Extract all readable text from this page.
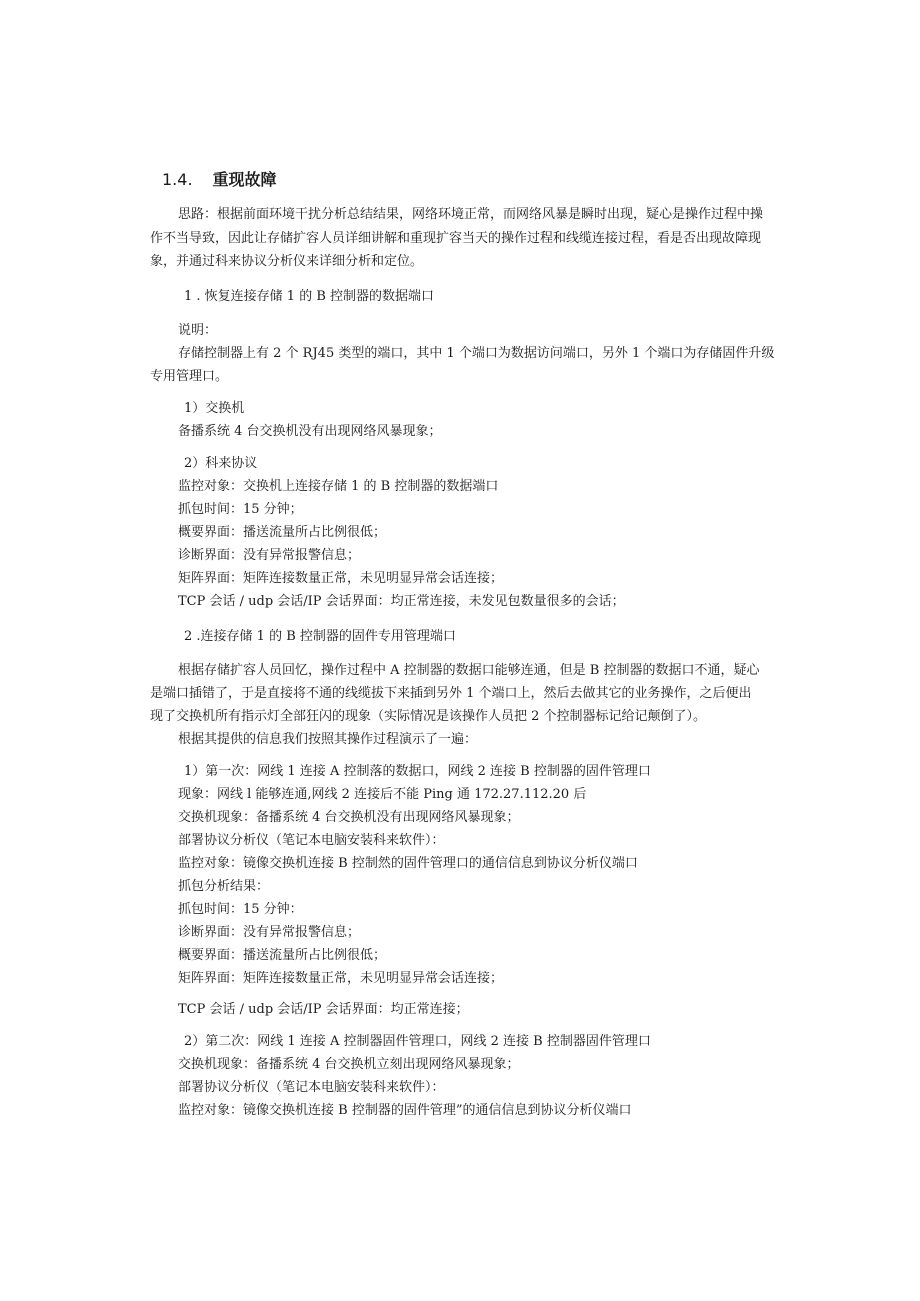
1.4. 重现故障
思路：根据前面环境干扰分析总结结果，网络环境正常，而网络风暴是瞬时出现，疑心是操作过程中操
作不当导致，因此让存储扩容人员详细讲解和重现扩容当天的操作过程和线缆连接过程，看是否出现故障现
象，并通过科来协议分析仪来详细分析和定位。
1 . 恢复连接存储 1 的 B 控制器的数据端口
说明：
存储控制器上有 2 个 RJ45 类型的端口，其中 1 个端口为数据访问端口，另外 1 个端口为存储固件升级
专用管理口。
1）交换机
备播系统 4 台交换机没有出现网络风暴现象；
2）科来协议
监控对象：交换机上连接存储 1 的 B 控制器的数据端口
抓包时间：15 分钟；
概要界面：播送流量所占比例很低；
诊断界面：没有异常报警信息；
矩阵界面：矩阵连接数量正常，未见明显异常会话连接；
TCP 会话 / udp 会话/IP 会话界面：均正常连接，未发见包数量很多的会话；
2 .连接存储 1 的 B 控制器的固件专用管理端口
根据存储扩容人员回忆，操作过程中 A 控制器的数据口能够连通，但是 B 控制器的数据口不通，疑心
是端口插错了，于是直接将不通的线缆拔下来插到另外 1 个端口上，然后去做其它的业务操作，之后便出
现了交换机所有指示灯全部狂闪的现象（实际情况是该操作人员把 2 个控制器标记给记颠倒了）。
根据其提供的信息我们按照其操作过程演示了一遍：
1）第一次：网线 1 连接 A 控制落的数据口，网线 2 连接 B 控制器的固件管理口
现象：网线 l 能够连通,网线 2 连接后不能 Ping 通 172.27.112.20 后
交换机现象：备播系统 4 台交换机没有出现网络风暴现象；
部署协议分析仪（笔记本电脑安装科来软件）：
监控对象：镜像交换机连接 B 控制然的固件管理口的通信信息到协议分析仪端口
抓包分析结果：
抓包时间：15 分钟：
诊断界面：没有异常报警信息；
概要界面：播送流量所占比例很低；
矩阵界面：矩阵连接数量正常，未见明显异常会话连接；
TCP 会话 / udp 会话/IP 会话界面：均正常连接；
2）第二次：网线 1 连接 A 控制器固件管理口，网线 2 连接 B 控制器固件管理口
交换机现象：备播系统 4 台交换机立刻出现网络风暴现象；
部署协议分析仪（笔记本电脑安装科来软件）：
监控对象：镜像交换机连接 B 控制器的固件管理”的通信信息到协议分析仪端口
